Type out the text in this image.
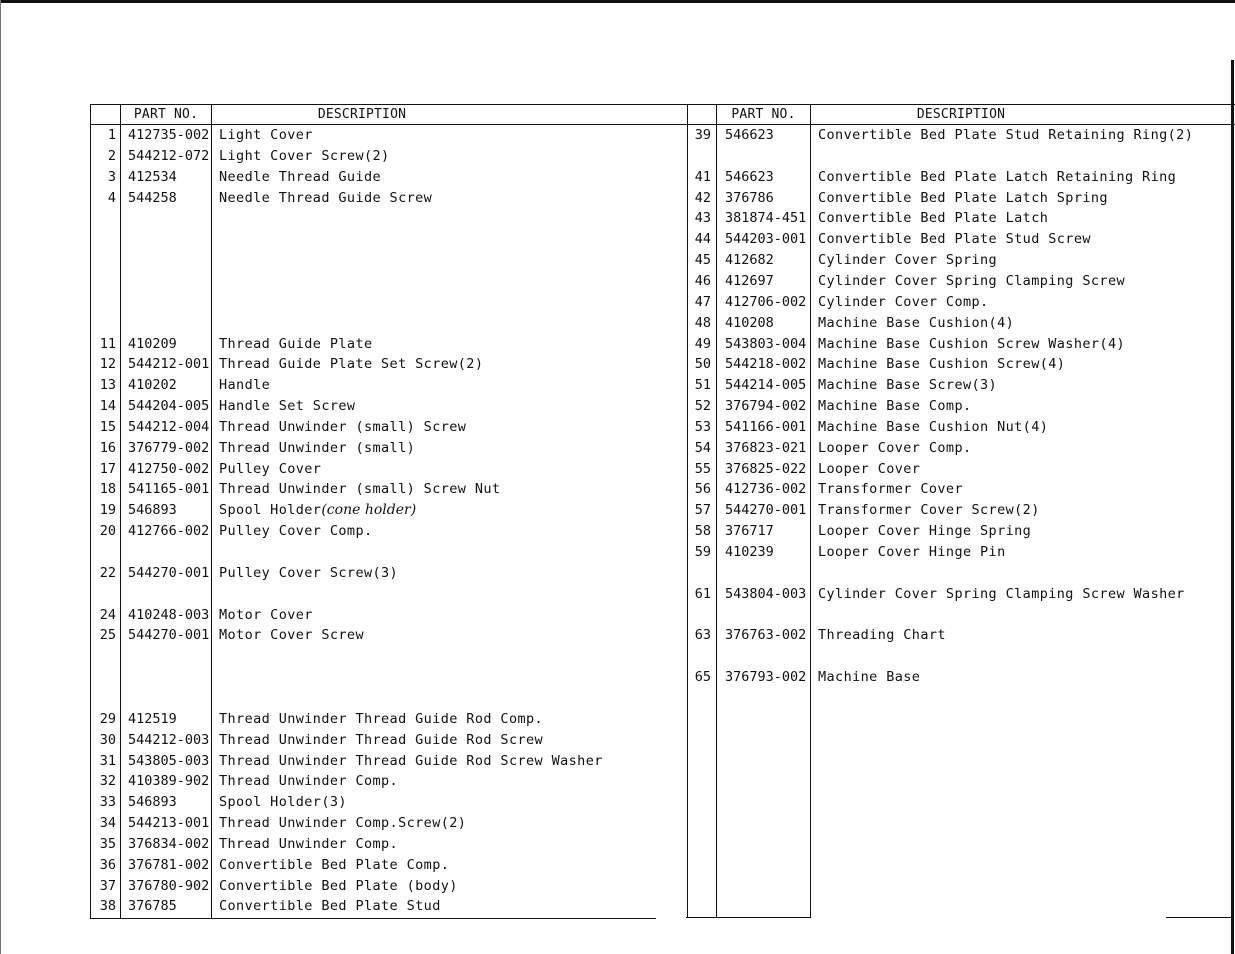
PART NO.	DESCRIPTION
1 412735-002 Light Cover
2 544212-072 Light Cover Screw(2)
3 412534	Needle Thread Guide
4 544258	Needle Thread Guide Screw
11 410209	Thread Guide Plate
12 544212-001 Thread Guide Plate Set Screw(2)
13 410202	Handle
14 544204-005 Handle Set Screw
15 544212-004 Thread Unwinder (small) Screw
16 376779-002 Thread Unwinder (small)
17 412750-002 Pulley Cover
18 541165-001 Thread Unwinder (small) Screw Nut
19 546893	Spool Holder(cone holder)
20 412766-002 Pulley Cover Comp.
22 544270-001 Pulley Cover Screw(3)
24 410248-003 Motor Cover
25 544270-001 Motor Cover Screw
29 412519	Thread Unwinder Thread Guide Rod Comp.
30 544212-003 Thread Unwinder Thread Guide Rod Screw
31 543805-003 Thread Unwinder Thread Guide Rod Screw Washer
32 410389-902 Thread Unwinder Comp.
33 546893	Spool Holder(3)
34 544213-001 Thread Unwinder Comp.Screw(2)
35 376834-002 Thread Unwinder Comp.
36 376781-002 Convertible Bed Plate Comp.
37 376780-902 Convertible Bed Plate (body)
38 376785	Convertible Bed Plate Stud
PART NO.	DESCRIPTION
39 546623	Convertible Bed Plate Stud Retaining Ring(2)
41 546623	Convertible Bed Plate Latch Retaining Ring
42 376786	Convertible Bed Plate Latch Spring
43 381874-451 Convertible Bed Plate Latch
44 544203-001 Convertible Bed Plate Stud Screw
45 412682	Cylinder Cover Spring
46 412697	Cylinder Cover Spring Clamping Screw
47 412706-002 Cylinder Cover Comp.
48 410208	Machine Base Cushion(4)
49 543803-004 Machine Base Cushion Screw Washer(4)
50 544218-002 Machine Base Cushion Screw(4)
51 544214-005 Machine Base Screw(3)
52 376794-002 Machine Base Comp.
53 541166-001 Machine Base Cushion Nut(4)
54 376823-021 Looper Cover Comp.
55 376825-022 Looper Cover
56 412736-002 Transformer Cover
57 544270-001 Transformer Cover Screw(2)
58 376717	Looper Cover Hinge Spring
59 410239	Looper Cover Hinge Pin
61 543804-003 Cylinder Cover Spring Clamping Screw Washer
63 376763-002 Threading Chart
65 376793-002 Machine Base
